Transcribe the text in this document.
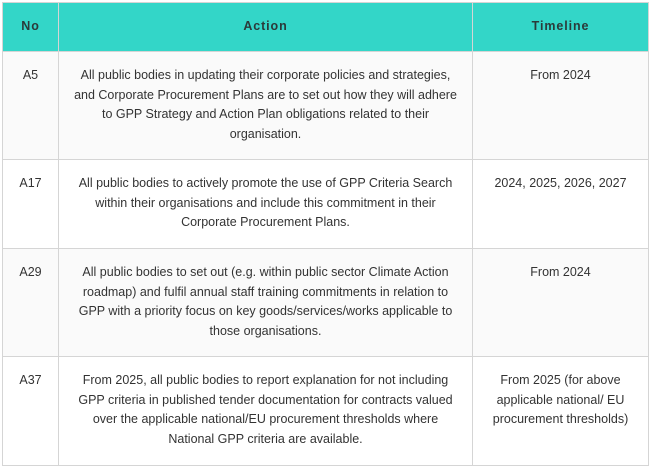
No	Action	Timeline
A5	All public bodies in updating their corporate policies and strategies, and Corporate Procurement Plans are to set out how they will adhere to GPP Strategy and Action Plan obligations related to their organisation.	From 2024
A17	All public bodies to actively promote the use of GPP Criteria Search within their organisations and include this commitment in their Corporate Procurement Plans.	2024, 2025, 2026, 2027
A29	All public bodies to set out (e.g. within public sector Climate Action roadmap) and fulfil annual staff training commitments in relation to GPP with a priority focus on key goods/services/works applicable to those organisations.	From 2024
A37	From 2025, all public bodies to report explanation for not including GPP criteria in published tender documentation for contracts valued over the applicable national/EU procurement thresholds where National GPP criteria are available.	From 2025 (for above applicable national/ EU procurement thresholds)
